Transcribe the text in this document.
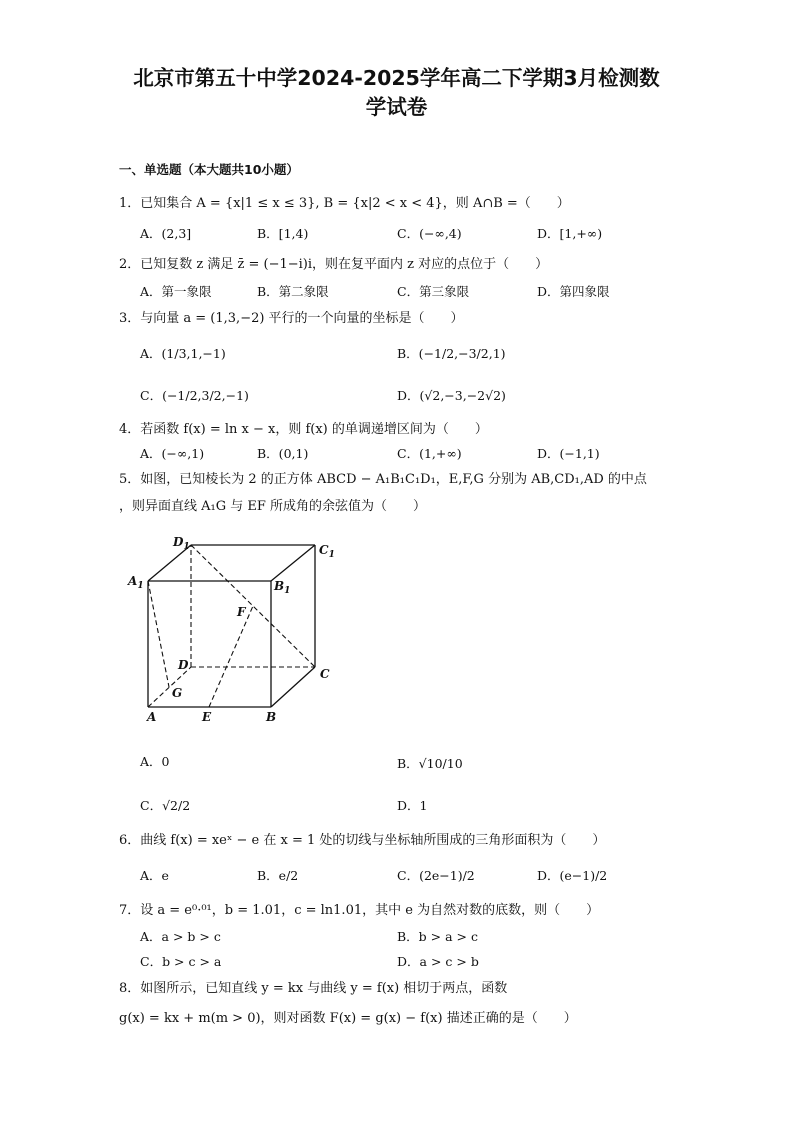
北京市第五十中学2024-2025学年高二下学期3月检测数
学试卷
一、单选题（本大题共10小题）
1．已知集合 A = {x|1 ≤ x ≤ 3}, B = {x|2 < x < 4}，则 A∩B =（　　）
A．(2,3]	B．[1,4)	C．(−∞,4)	D．[1,+∞)
2．已知复数 z 满足 z̄ = (−1−i)i，则在复平面内 z 对应的点位于（　　）
A．第一象限	B．第二象限	C．第三象限	D．第四象限
3．与向量 a = (1,3,−2) 平行的一个向量的坐标是（　　）
A．(1/3,1,−1)	B．(−1/2,−3/2,1)
C．(−1/2,3/2,−1)	D．(√2,−3,−2√2)
4．若函数 f(x) = ln x − x，则 f(x) 的单调递增区间为（　　）
A．(−∞,1)	B．(0,1)	C．(1,+∞)	D．(−1,1)
5．如图，已知棱长为 2 的正方体 ABCD − A₁B₁C₁D₁，E,F,G 分别为 AB,CD₁,AD 的中点
，则异面直线 A₁G 与 EF 所成角的余弦值为（　　）
$D_1$	$C_1$
$A_1$	$B_1$
F
D
C
G
A	E	B
A．0	B．√10/10
C．√2/2	D．1
6．曲线 f(x) = xeˣ − e 在 x = 1 处的切线与坐标轴所围成的三角形面积为（　　）
A．e	B．e/2	C．(2e−1)/2	D．(e−1)/2
7．设 a = e⁰·⁰¹，b = 1.01，c = ln1.01，其中 e 为自然对数的底数，则（　　）
A．a > b > c	B．b > a > c
C．b > c > a	D．a > c > b
8．如图所示，已知直线 y = kx 与曲线 y = f(x) 相切于两点，函数
g(x) = kx + m(m > 0)，则对函数 F(x) = g(x) − f(x) 描述正确的是（　　）
